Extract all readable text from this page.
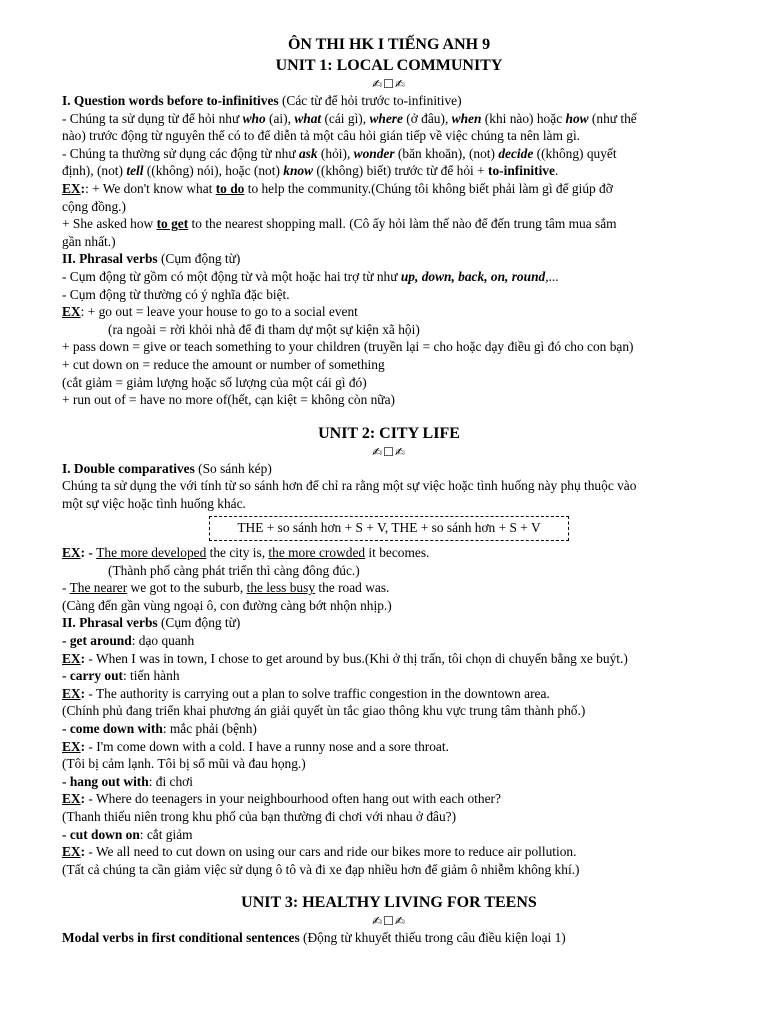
ÔN THI HK I TIẾNG ANH 9

UNIT 1: LOCAL COMMUNITY

✍︎☐✍︎

I. Question words before to-infinitives (Các từ để hỏi trước to-infinitive)

- Chúng ta sử dụng từ để hỏi như who (ai), what (cái gì), where (ở đâu), when (khi nào) hoặc how (như thế

nào) trước động từ nguyên thể có to để diễn tả một câu hỏi gián tiếp về việc chúng ta nên làm gì.

- Chúng ta thường sử dụng các động từ như ask (hỏi), wonder (băn khoăn), (not) decide ((không) quyết

định), (not) tell ((không) nói), hoặc (not) know ((không) biết) trước từ để hỏi + to-infinitive.

EX:: + We don't know what to do to help the community.(Chúng tôi không biết phải làm gì để giúp đỡ

cộng đồng.)

+ She asked how to get to the nearest shopping mall. (Cô ấy hỏi làm thế nào để đến trung tâm mua sắm

gần nhất.)

II. Phrasal verbs (Cụm động từ)

- Cụm động từ gồm có một động từ và một hoặc hai trợ từ như up, down, back, on, round,...

- Cụm động từ thường có ý nghĩa đặc biệt.

EX: + go out = leave your house to go to a social event

(ra ngoài = rời khỏi nhà để đi tham dự một sự kiện xã hội)

+ pass down = give or teach something to your children (truyền lại = cho hoặc dạy điều gì đó cho con bạn)

+ cut down on = reduce the amount or number of something

(cắt giảm = giảm lượng hoặc số lượng của một cái gì đó)

+ run out of = have no more of(hết, cạn kiệt = không còn nữa)

UNIT 2: CITY LIFE

✍︎☐✍︎

I. Double comparatives (So sánh kép)

Chúng ta sử dụng the với tính từ so sánh hơn để chỉ ra rằng một sự việc hoặc tình huống này phụ thuộc vào

một sự việc hoặc tình huống khác.

THE + so sánh hơn + S + V, THE + so sánh hơn + S + V

EX: - The more developed the city is, the more crowded it becomes.

(Thành phố càng phát triển thì càng đông đúc.)

- The nearer we got to the suburb, the less busy the road was.

(Càng đến gần vùng ngoại ô, con đường càng bớt nhộn nhịp.)

II. Phrasal verbs (Cụm động từ)

- get around: dạo quanh

EX: - When I was in town, I chose to get around by bus.(Khi ở thị trấn, tôi chọn di chuyển bằng xe buýt.)

- carry out: tiến hành

EX: - The authority is carrying out a plan to solve traffic congestion in the downtown area.

(Chính phủ đang triển khai phương án giải quyết ùn tắc giao thông khu vực trung tâm thành phố.)

- come down with: mắc phải (bệnh)

EX: - I'm come down with a cold. I have a runny nose and a sore throat.

(Tôi bị cảm lạnh. Tôi bị sổ mũi và đau họng.)

- hang out with: đi chơi

EX: - Where do teenagers in your neighbourhood often hang out with each other?

(Thanh thiếu niên trong khu phố của bạn thường đi chơi với nhau ở đâu?)

- cut down on: cắt giảm

EX: - We all need to cut down on using our cars and ride our bikes more to reduce air pollution.

(Tất cả chúng ta cần giảm việc sử dụng ô tô và đi xe đạp nhiều hơn để giảm ô nhiễm không khí.)

UNIT 3: HEALTHY LIVING FOR TEENS

✍︎☐✍︎

Modal verbs in first conditional sentences (Động từ khuyết thiếu trong câu điều kiện loại 1)
